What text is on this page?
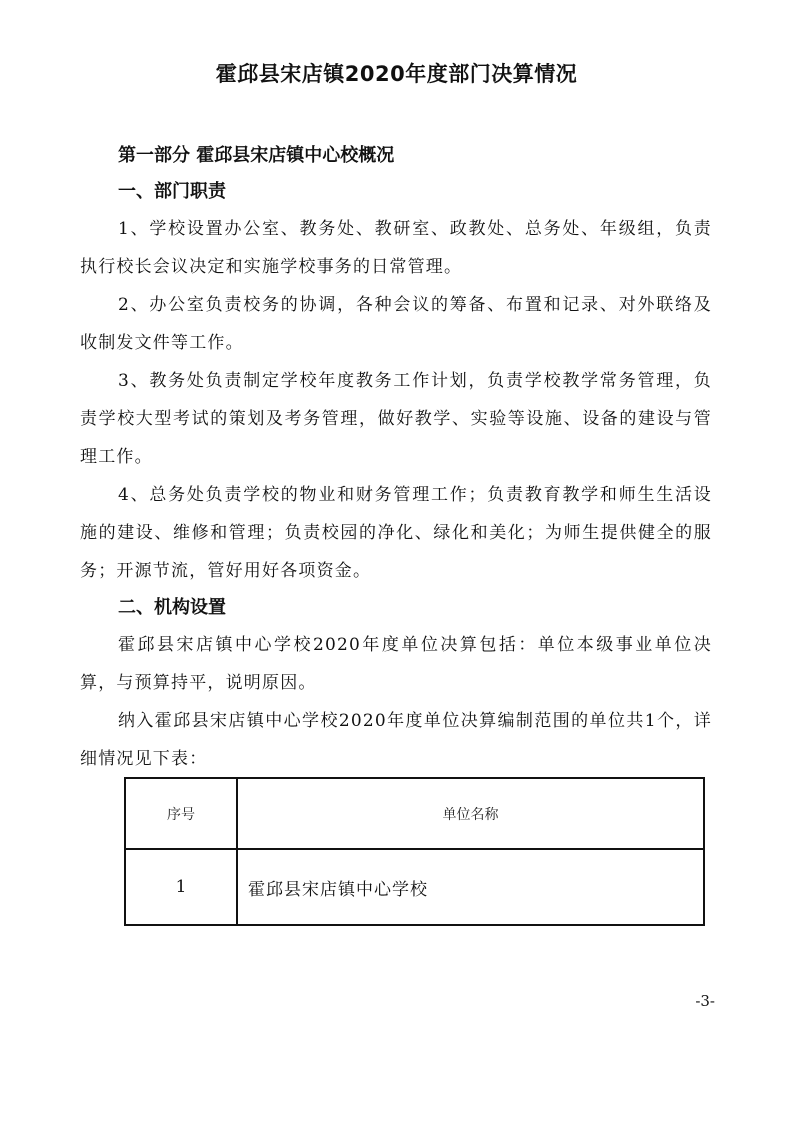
霍邱县宋店镇2020年度部门决算情况

第一部分 霍邱县宋店镇中心校概况

一、部门职责

1、学校设置办公室、教务处、教研室、政教处、总务处、年级组，负责执行校长会议决定和实施学校事务的日常管理。

2、办公室负责校务的协调，各种会议的筹备、布置和记录、对外联络及收制发文件等工作。

3、教务处负责制定学校年度教务工作计划，负责学校教学常务管理，负责学校大型考试的策划及考务管理，做好教学、实验等设施、设备的建设与管理工作。

4、总务处负责学校的物业和财务管理工作；负责教育教学和师生生活设施的建设、维修和管理；负责校园的净化、绿化和美化；为师生提供健全的服务；开源节流，管好用好各项资金。

二、机构设置

霍邱县宋店镇中心学校2020年度单位决算包括：单位本级事业单位决算，与预算持平，说明原因。

纳入霍邱县宋店镇中心学校2020年度单位决算编制范围的单位共1个，详细情况见下表：

序号	单位名称
1	霍邱县宋店镇中心学校
-3-
